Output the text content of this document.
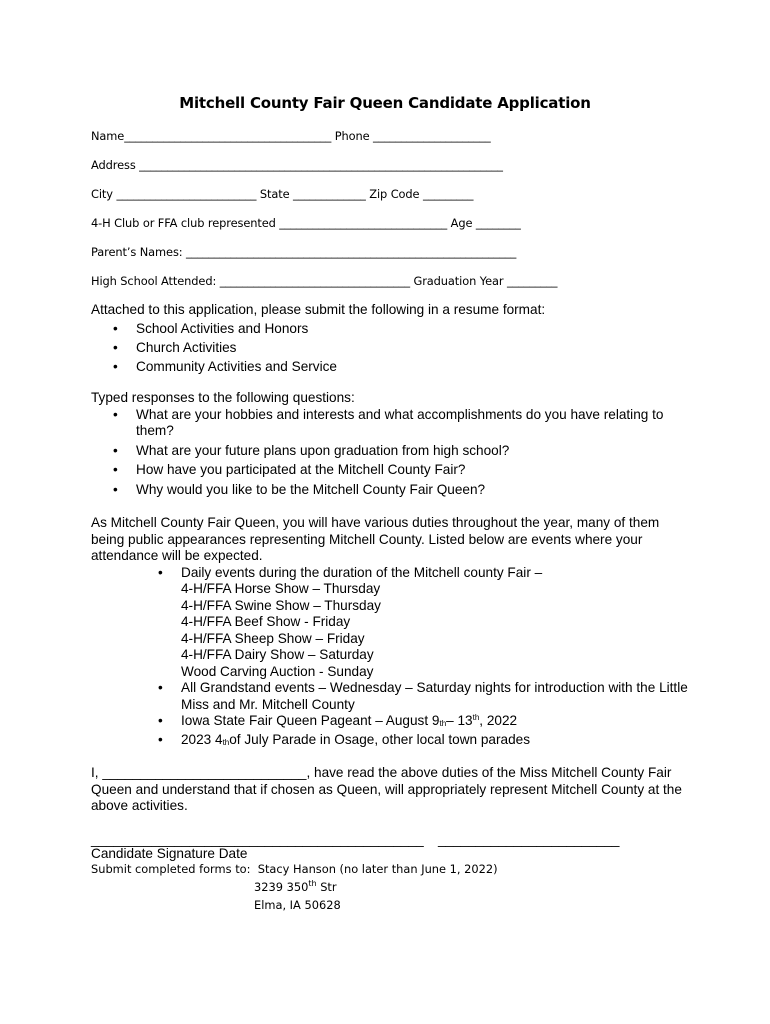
Mitchell County Fair Queen Candidate Application
Name_____________________________________ Phone _____________________
Address _________________________________________________________________
City _________________________ State _____________ Zip Code _________
4-H Club or FFA club represented ______________________________ Age ________
Parent’s Names: ___________________________________________________________
High School Attended: __________________________________ Graduation Year _________
Attached to this application, please submit the following in a resume format:
• School Activities and Honors
• Church Activities
• Community Activities and Service
Typed responses to the following questions:
• What are your hobbies and interests and what accomplishments do you have relating to them?
• What are your future plans upon graduation from high school?
• How have you participated at the Mitchell County Fair?
• Why would you like to be the Mitchell County Fair Queen?
As Mitchell County Fair Queen, you will have various duties throughout the year, many of them being public appearances representing Mitchell County. Listed below are events where your attendance will be expected.
• Daily events during the duration of the Mitchell county Fair –
4-H/FFA Horse Show – Thursday
4-H/FFA Swine Show – Thursday
4-H/FFA Beef Show - Friday
4-H/FFA Sheep Show – Friday
4-H/FFA Dairy Show – Saturday
Wood Carving Auction - Sunday
• All Grandstand events – Wednesday – Saturday nights for introduction with the Little Miss and Mr. Mitchell County
• Iowa State Fair Queen Pageant – August $9_{th}-$ 13th, 2022
• 2023 $4_{th}of$ July Parade in Osage, other local town parades
I, ___________________________, have read the above duties of the Miss Mitchell County Fair Queen and understand that if chosen as Queen, will appropriately represent Mitchell County at the above activities.
____________________________________________ ________________________
Candidate Signature Date
Submit completed forms to: Stacy Hanson (no later than June 1, 2022)
3239 350th Str
Elma, IA 50628
